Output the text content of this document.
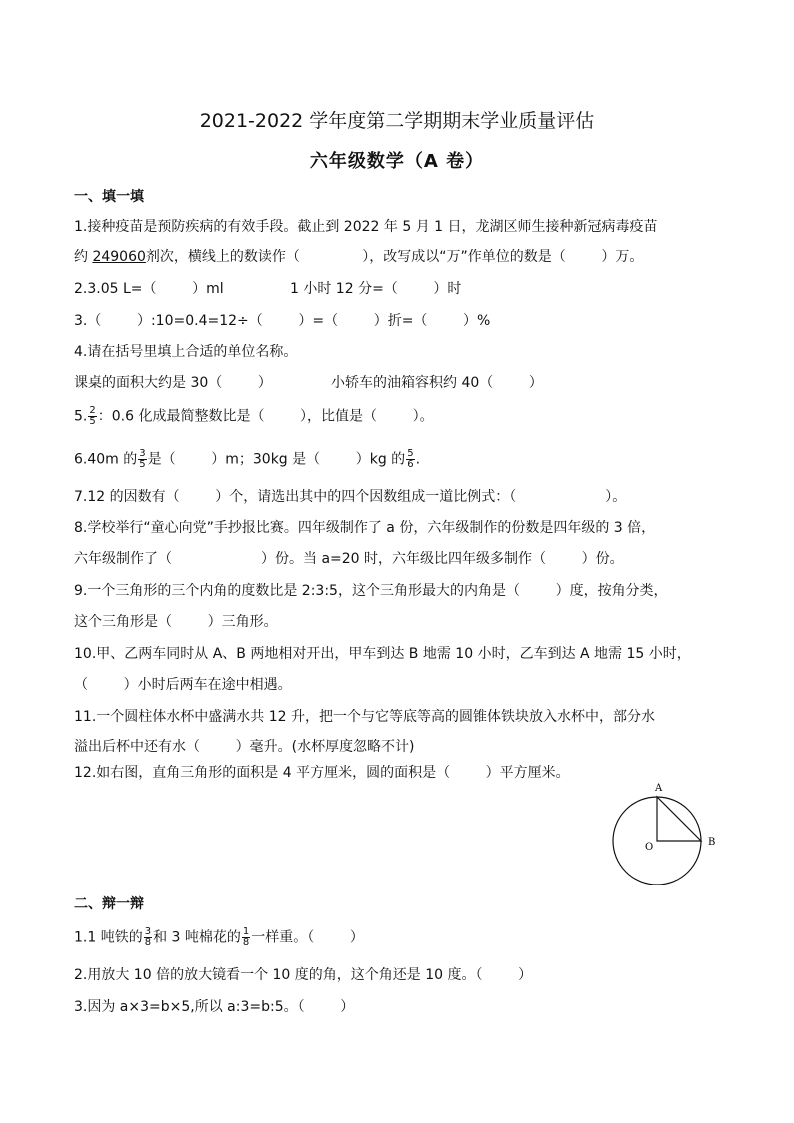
2021-2022 学年度第二学期期末学业质量评估
六年级数学（A 卷）
一、填一填
1.接种疫苗是预防疾病的有效手段。截止到 2022 年 5 月 1 日，龙湖区师生接种新冠病毒疫苗
约 249060剂次，横线上的数读作（              ），改写成以“万”作单位的数是（        ）万。
2.3.05 L=（        ）ml	1 小时 12 分=（        ）时
3.（        ）:10=0.4=12÷（        ）=（        ）折=（        ）%
4.请在括号里填上合适的单位名称。
课桌的面积大约是 30（        ）	小轿车的油箱容积约 40（        ）
5. $\frac{2}{5}$ ：0.6 化成最简整数比是（        ），比值是（        ）。
6.40m 的 $\frac{3}{5}$ 是（        ）m；30kg 是（        ）kg 的 $\frac{5}{6}$ .
7.12 的因数有（        ）个，请选出其中的四个因数组成一道比例式：（                    ）。
8.学校举行“童心向党”手抄报比赛。四年级制作了 a 份，六年级制作的份数是四年级的 3 倍，
六年级制作了（                    ）份。当 a=20 时，六年级比四年级多制作（        ）份。
9.一个三角形的三个内角的度数比是 2:3:5，这个三角形最大的内角是（        ）度，按角分类，
这个三角形是（        ）三角形。
10.甲、乙两车同时从 A、B 两地相对开出，甲车到达 B 地需 10 小时，乙车到达 A 地需 15 小时，
（        ）小时后两车在途中相遇。
11.一个圆柱体水杯中盛满水共 12 升，把一个与它等底等高的圆锥体铁块放入水杯中，部分水
溢出后杯中还有水（        ）毫升。(水杯厚度忽略不计)
12.如右图，直角三角形的面积是 4 平方厘米，圆的面积是（        ）平方厘米。
A
B
O
二、辩一辩
1.1 吨铁的 $\frac{3}{8}$ 和 3 吨棉花的 $\frac{1}{8}$ 一样重。（        ）
2.用放大 10 倍的放大镜看一个 10 度的角，这个角还是 10 度。（        ）
3.因为 a×3=b×5,所以 a:3=b:5。（        ）
